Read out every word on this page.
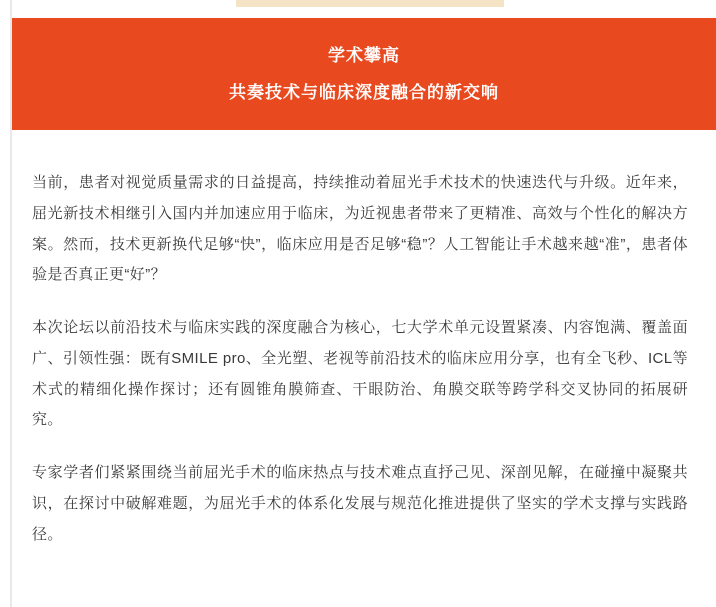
学术攀高
共奏技术与临床深度融合的新交响

当前，患者对视觉质量需求的日益提高，持续推动着屈光手术技术的快速迭代与升级。近年来，屈光新技术相继引入国内并加速应用于临床，为近视患者带来了更精准、高效与个性化的解决方案。然而，技术更新换代足够“快”，临床应用是否足够“稳”？人工智能让手术越来越“准”，患者体验是否真正更“好”？

本次论坛以前沿技术与临床实践的深度融合为核心，七大学术单元设置紧凑、内容饱满、覆盖面广、引领性强：既有SMILE pro、全光塑、老视等前沿技术的临床应用分享，也有全飞秒、ICL等术式的精细化操作探讨；还有圆锥角膜筛查、干眼防治、角膜交联等跨学科交叉协同的拓展研究。

专家学者们紧紧围绕当前屈光手术的临床热点与技术难点直抒己见、深剖见解，在碰撞中凝聚共识，在探讨中破解难题，为屈光手术的体系化发展与规范化推进提供了坚实的学术支撑与实践路径。
